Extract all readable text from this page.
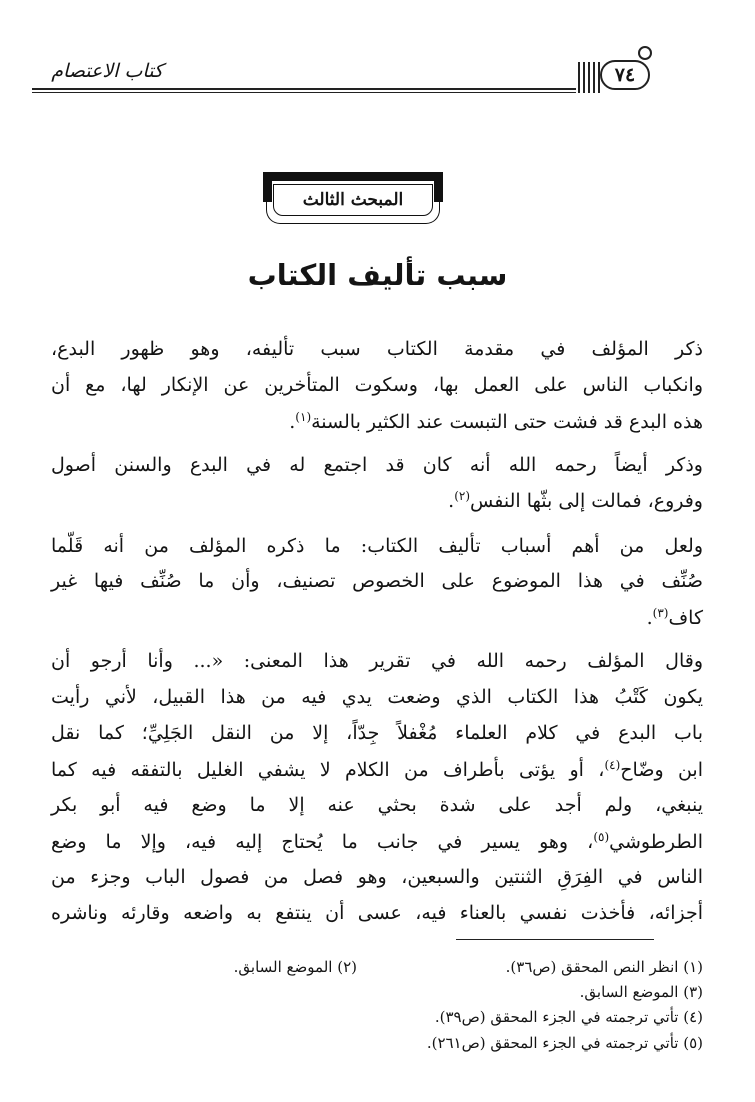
كتاب الاعتصام	٧٤
المبحث الثالث
سبب تأليف الكتاب
ذكر المؤلف في مقدمة الكتاب سبب تأليفه، وهو ظهور البدع،
وانكباب الناس على العمل بها، وسكوت المتأخرين عن الإنكار لها، مع أن
هذه البدع قد فشت حتى التبست عند الكثير بالسنة$^{(١)}$.
وذكر أيضاً رحمه الله أنه كان قد اجتمع له في البدع والسنن أصول
وفروع، فمالت إلى بثّها النفس$^{(٢)}$.
ولعل من أهم أسباب تأليف الكتاب: ما ذكره المؤلف من أنه قَلّما
صُنِّف في هذا الموضوع على الخصوص تصنيف، وأن ما صُنِّف فيها غير
كاف$^{(٣)}$.
وقال المؤلف رحمه الله في تقرير هذا المعنى: «... وأنا أرجو أن
يكون كَتْبُ هذا الكتاب الذي وضعت يدي فيه من هذا القبيل، لأني رأيت
باب البدع في كلام العلماء مُغْفلاً جِدّاً، إلا من النقل الجَلِيِّ؛ كما نقل
ابن وضّاح$^{(٤)}$، أو يؤتى بأطراف من الكلام لا يشفي الغليل بالتفقه فيه كما
ينبغي، ولم أجد على شدة بحثي عنه إلا ما وضع فيه أبو بكر
الطرطوشي$^{(٥)}$، وهو يسير في جانب ما يُحتاج إليه فيه، وإلا ما وضع
الناس في الفِرَقِ الثنتين والسبعين، وهو فصل من فصول الباب وجزء من
أجزائه، فأخذت نفسي بالعناء فيه، عسى أن ينتفع به واضعه وقارئه وناشره
(١) انظر النص المحقق (ص٣٦).
(٢) الموضع السابق.
(٣) الموضع السابق.
(٤) تأتي ترجمته في الجزء المحقق (ص٣٩).
(٥) تأتي ترجمته في الجزء المحقق (ص٢٦١).
